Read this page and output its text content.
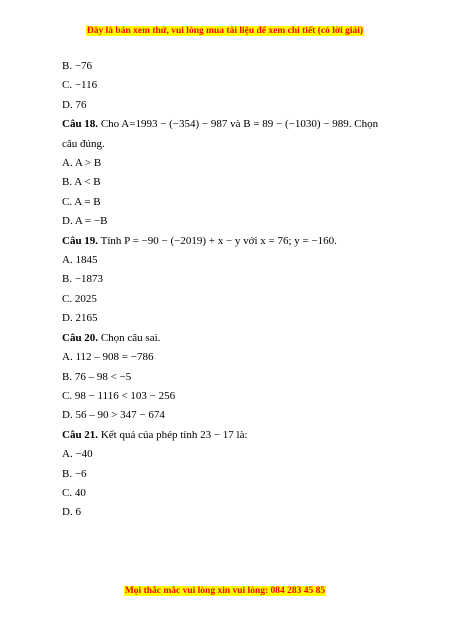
Đây là bản xem thử, vui lòng mua tài liệu để xem chi tiết (có lời giải)
B. −76
C. −116
D. 76
Câu 18. Cho A=1993 − (−354) − 987 và B = 89 − (−1030) − 989. Chọn câu đúng.
A. A > B
B. A < B
C. A = B
D. A = −B
Câu 19. Tính P = −90 − (−2019) + x − y với x = 76; y = −160.
A. 1845
B. −1873
C. 2025
D. 2165
Câu 20. Chọn câu sai.
A. 112 – 908 = −786
B. 76 – 98 < −5
C. 98 − 1116 < 103 − 256
D. 56 – 90 > 347 − 674
Câu 21. Kết quả của phép tính 23 − 17 là:
A. −40
B. −6
C. 40
D. 6
Mọi thắc mắc vui lòng xin vui lòng: 084 283 45 85
